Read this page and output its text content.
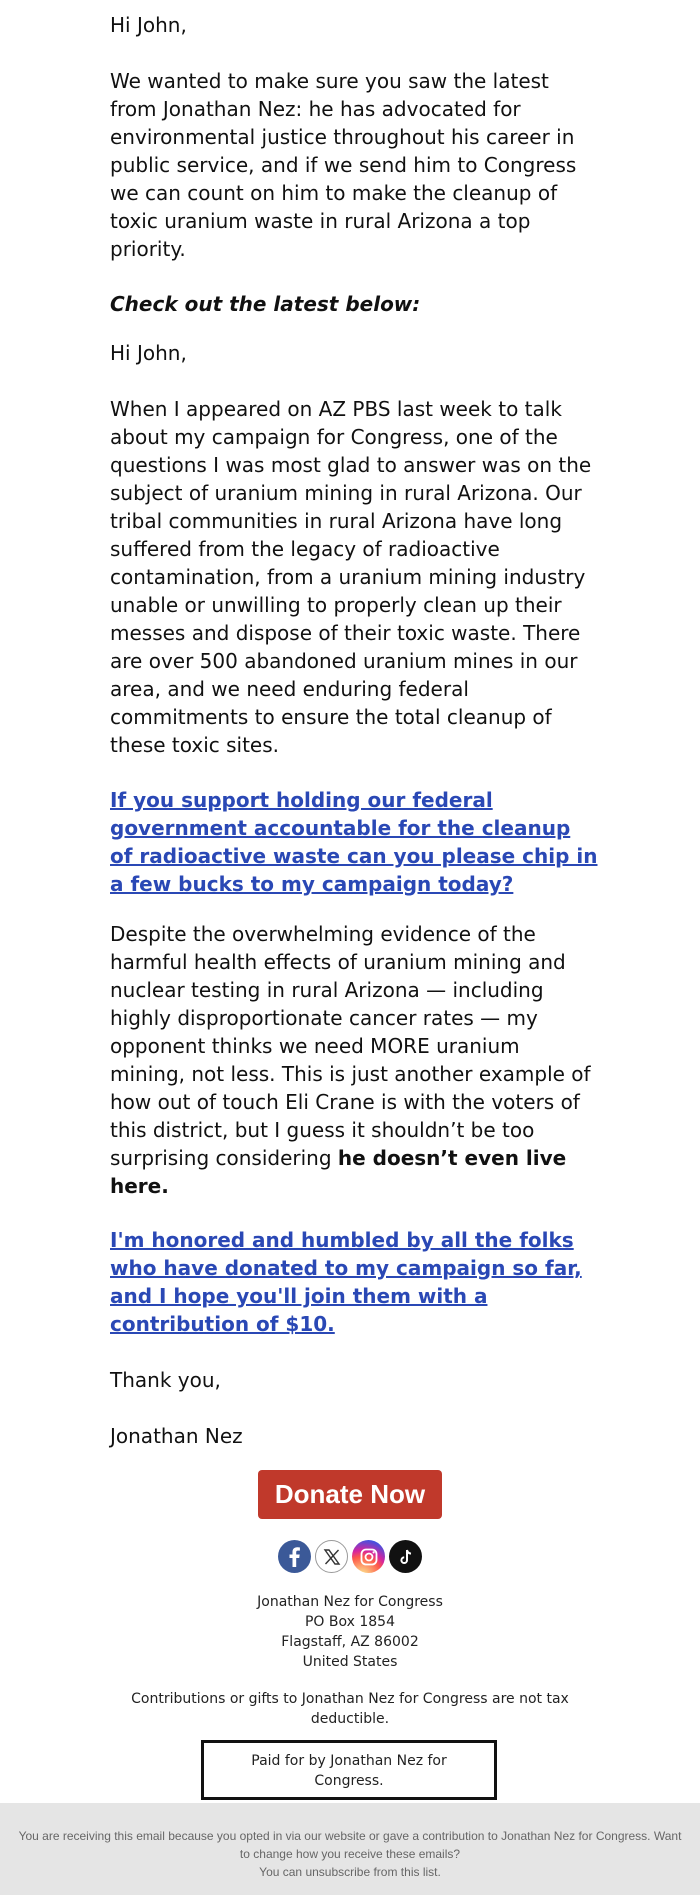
Hi John,

We wanted to make sure you saw the latest from Jonathan Nez: he has advocated for environmental justice throughout his career in public service, and if we send him to Congress we can count on him to make the cleanup of toxic uranium waste in rural Arizona a top priority.

Check out the latest below:

Hi John,

When I appeared on AZ PBS last week to talk about my campaign for Congress, one of the questions I was most glad to answer was on the subject of uranium mining in rural Arizona. Our tribal communities in rural Arizona have long suffered from the legacy of radioactive contamination, from a uranium mining industry unable or unwilling to properly clean up their messes and dispose of their toxic waste. There are over 500 abandoned uranium mines in our area, and we need enduring federal commitments to ensure the total cleanup of these toxic sites.

If you support holding our federal government accountable for the cleanup of radioactive waste can you please chip in a few bucks to my campaign today?

Despite the overwhelming evidence of the harmful health effects of uranium mining and nuclear testing in rural Arizona — including highly disproportionate cancer rates — my opponent thinks we need MORE uranium mining, not less. This is just another example of how out of touch Eli Crane is with the voters of this district, but I guess it shouldn’t be too surprising considering he doesn’t even live here.

I'm honored and humbled by all the folks who have donated to my campaign so far, and I hope you'll join them with a contribution of $10.

Thank you,

Jonathan Nez

Donate Now
Jonathan Nez for Congress
PO Box 1854
Flagstaff, AZ 86002
United States
Contributions or gifts to Jonathan Nez for Congress are not tax deductible.
Paid for by Jonathan Nez for Congress.
You are receiving this email because you opted in via our website or gave a contribution to Jonathan Nez for Congress. Want to change how you receive these emails?
You can unsubscribe from this list.
